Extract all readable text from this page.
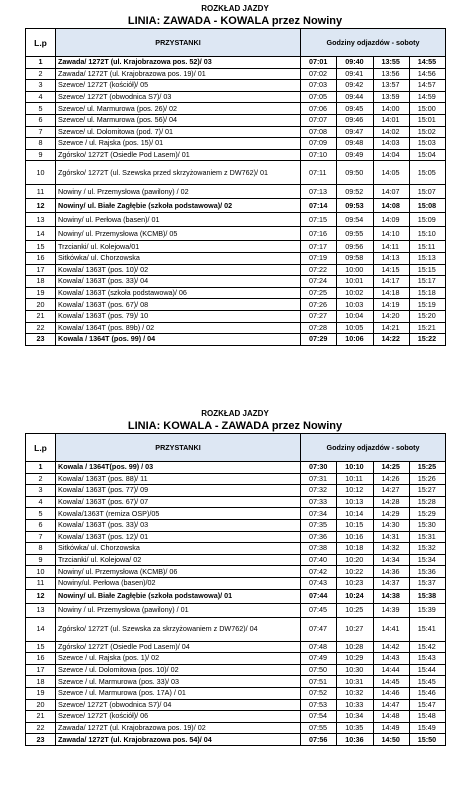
ROZKŁAD JAZDY
LINIA: ZAWADA - KOWALA przez Nowiny
L.p	PRZYSTANKI	Godziny odjazdów - soboty			
1	Zawada/ 1272T (ul. Krajobrazowa pos. 52)/ 03	07:01	09:40	13:55	14:55
2	Zawada/ 1272T (ul. Krajobrazowa pos. 19)/ 01	07:02	09:41	13:56	14:56
3	Szewce/ 1272T (kościół)/ 05	07:03	09:42	13:57	14:57
4	Szewce/ 1272T (obwodnica S7)/ 03	07:05	09:44	13:59	14:59
5	Szewce/ ul. Marmurowa (pos. 26)/ 02	07:06	09:45	14:00	15:00
6	Szewce/ ul. Marmurowa (pos. 56)/ 04	07:07	09:46	14:01	15:01
7	Szewce/ ul. Dolomitowa (pod. 7)/ 01	07:08	09:47	14:02	15:02
8	Szewce / ul. Rajska (pos. 15)/ 01	07:09	09:48	14:03	15:03
9	Zgórsko/ 1272T (Osiedle Pod Lasem)/ 01	07:10	09:49	14:04	15:04
10	Zgórsko/ 1272T (ul. Szewska przed skrzyżowaniem z DW762)/ 01	07:11	09:50	14:05	15:05
11	Nowiny / ul. Przemysłowa (pawilony) / 02	07:13	09:52	14:07	15:07
12	Nowiny/ ul. Białe Zagłębie (szkoła podstawowa)/ 02	07:14	09:53	14:08	15:08
13	Nowiny/ ul. Perłowa (basen)/ 01	07:15	09:54	14:09	15:09
14	Nowiny/ ul. Przemysłowa (KCMB)/ 05	07:16	09:55	14:10	15:10
15	Trzcianki/ ul. Kolejowa/01	07:17	09:56	14:11	15:11
16	Sitkówka/ ul. Chorzowska	07:19	09:58	14:13	15:13
17	Kowala/ 1363T (pos. 10)/ 02	07:22	10:00	14:15	15:15
18	Kowala/ 1363T (pos. 33)/ 04	07:24	10:01	14:17	15:17
19	Kowala/ 1363T (szkoła podstawowa)/ 06	07:25	10:02	14:18	15:18
20	Kowala/ 1363T (pos. 67)/ 08	07:26	10:03	14:19	15:19
21	Kowala/ 1363T (pos. 79)/ 10	07:27	10:04	14:20	15:20
22	Kowala/ 1364T (pos. 89b) / 02	07:28	10:05	14:21	15:21
23	Kowala / 1364T (pos. 99) / 04	07:29	10:06	14:22	15:22
ROZKŁAD JAZDY
LINIA: KOWALA - ZAWADA przez Nowiny
L.p	PRZYSTANKI	Godziny odjazdów - soboty			
1	Kowala / 1364T(pos. 99) / 03	07:30	10:10	14:25	15:25
2	Kowala/ 1363T (pos. 88)/ 11	07:31	10:11	14:26	15:26
3	Kowala/ 1363T (pos. 77)/ 09	07:32	10:12	14:27	15:27
4	Kowala/ 1363T (pos. 67)/ 07	07:33	10:13	14:28	15:28
5	Kowala/1363T (remiza OSP)/05	07:34	10:14	14:29	15:29
6	Kowala/ 1363T (pos. 33)/ 03	07:35	10:15	14:30	15:30
7	Kowala/ 1363T (pos. 12)/ 01	07:36	10:16	14:31	15:31
8	Sitkówka/ ul. Chorzowska	07:38	10:18	14:32	15:32
9	Trzcianki/ ul. Kolejowa/ 02	07:40	10:20	14:34	15:34
10	Nowiny/ ul. Przemysłowa (KCMB)/ 06	07:42	10:22	14:36	15:36
11	Nowiny/ul. Perłowa (basen)/02	07:43	10:23	14:37	15:37
12	Nowiny/ ul. Białe Zagłębie (szkoła podstawowa)/ 01	07:44	10:24	14:38	15:38
13	Nowiny / ul. Przemysłowa (pawilony) / 01	07:45	10:25	14:39	15:39
14	Zgórsko/ 1272T (ul. Szewska za skrzyżowaniem z DW762)/ 04	07:47	10:27	14:41	15:41
15	Zgórsko/ 1272T (Osiedle Pod Lasem)/ 04	07:48	10:28	14:42	15:42
16	Szewce / ul. Rajska (pos. 1)/ 02	07:49	10:29	14:43	15:43
17	Szewce / ul. Dolomitowa (pos. 10)/ 02	07:50	10:30	14:44	15:44
18	Szewce / ul. Marmurowa (pos. 33)/ 03	07:51	10:31	14:45	15:45
19	Szewce / ul. Marmurowa (pos. 17A) / 01	07:52	10:32	14:46	15:46
20	Szewce/ 1272T (obwodnica S7)/ 04	07:53	10:33	14:47	15:47
21	Szewce/ 1272T (kościół)/ 06	07:54	10:34	14:48	15:48
22	Zawada/ 1272T (ul. Krajobrazowa pos. 19)/ 02	07:55	10:35	14:49	15:49
23	Zawada/ 1272T (ul. Krajobrazowa pos. 54)/ 04	07:56	10:36	14:50	15:50
